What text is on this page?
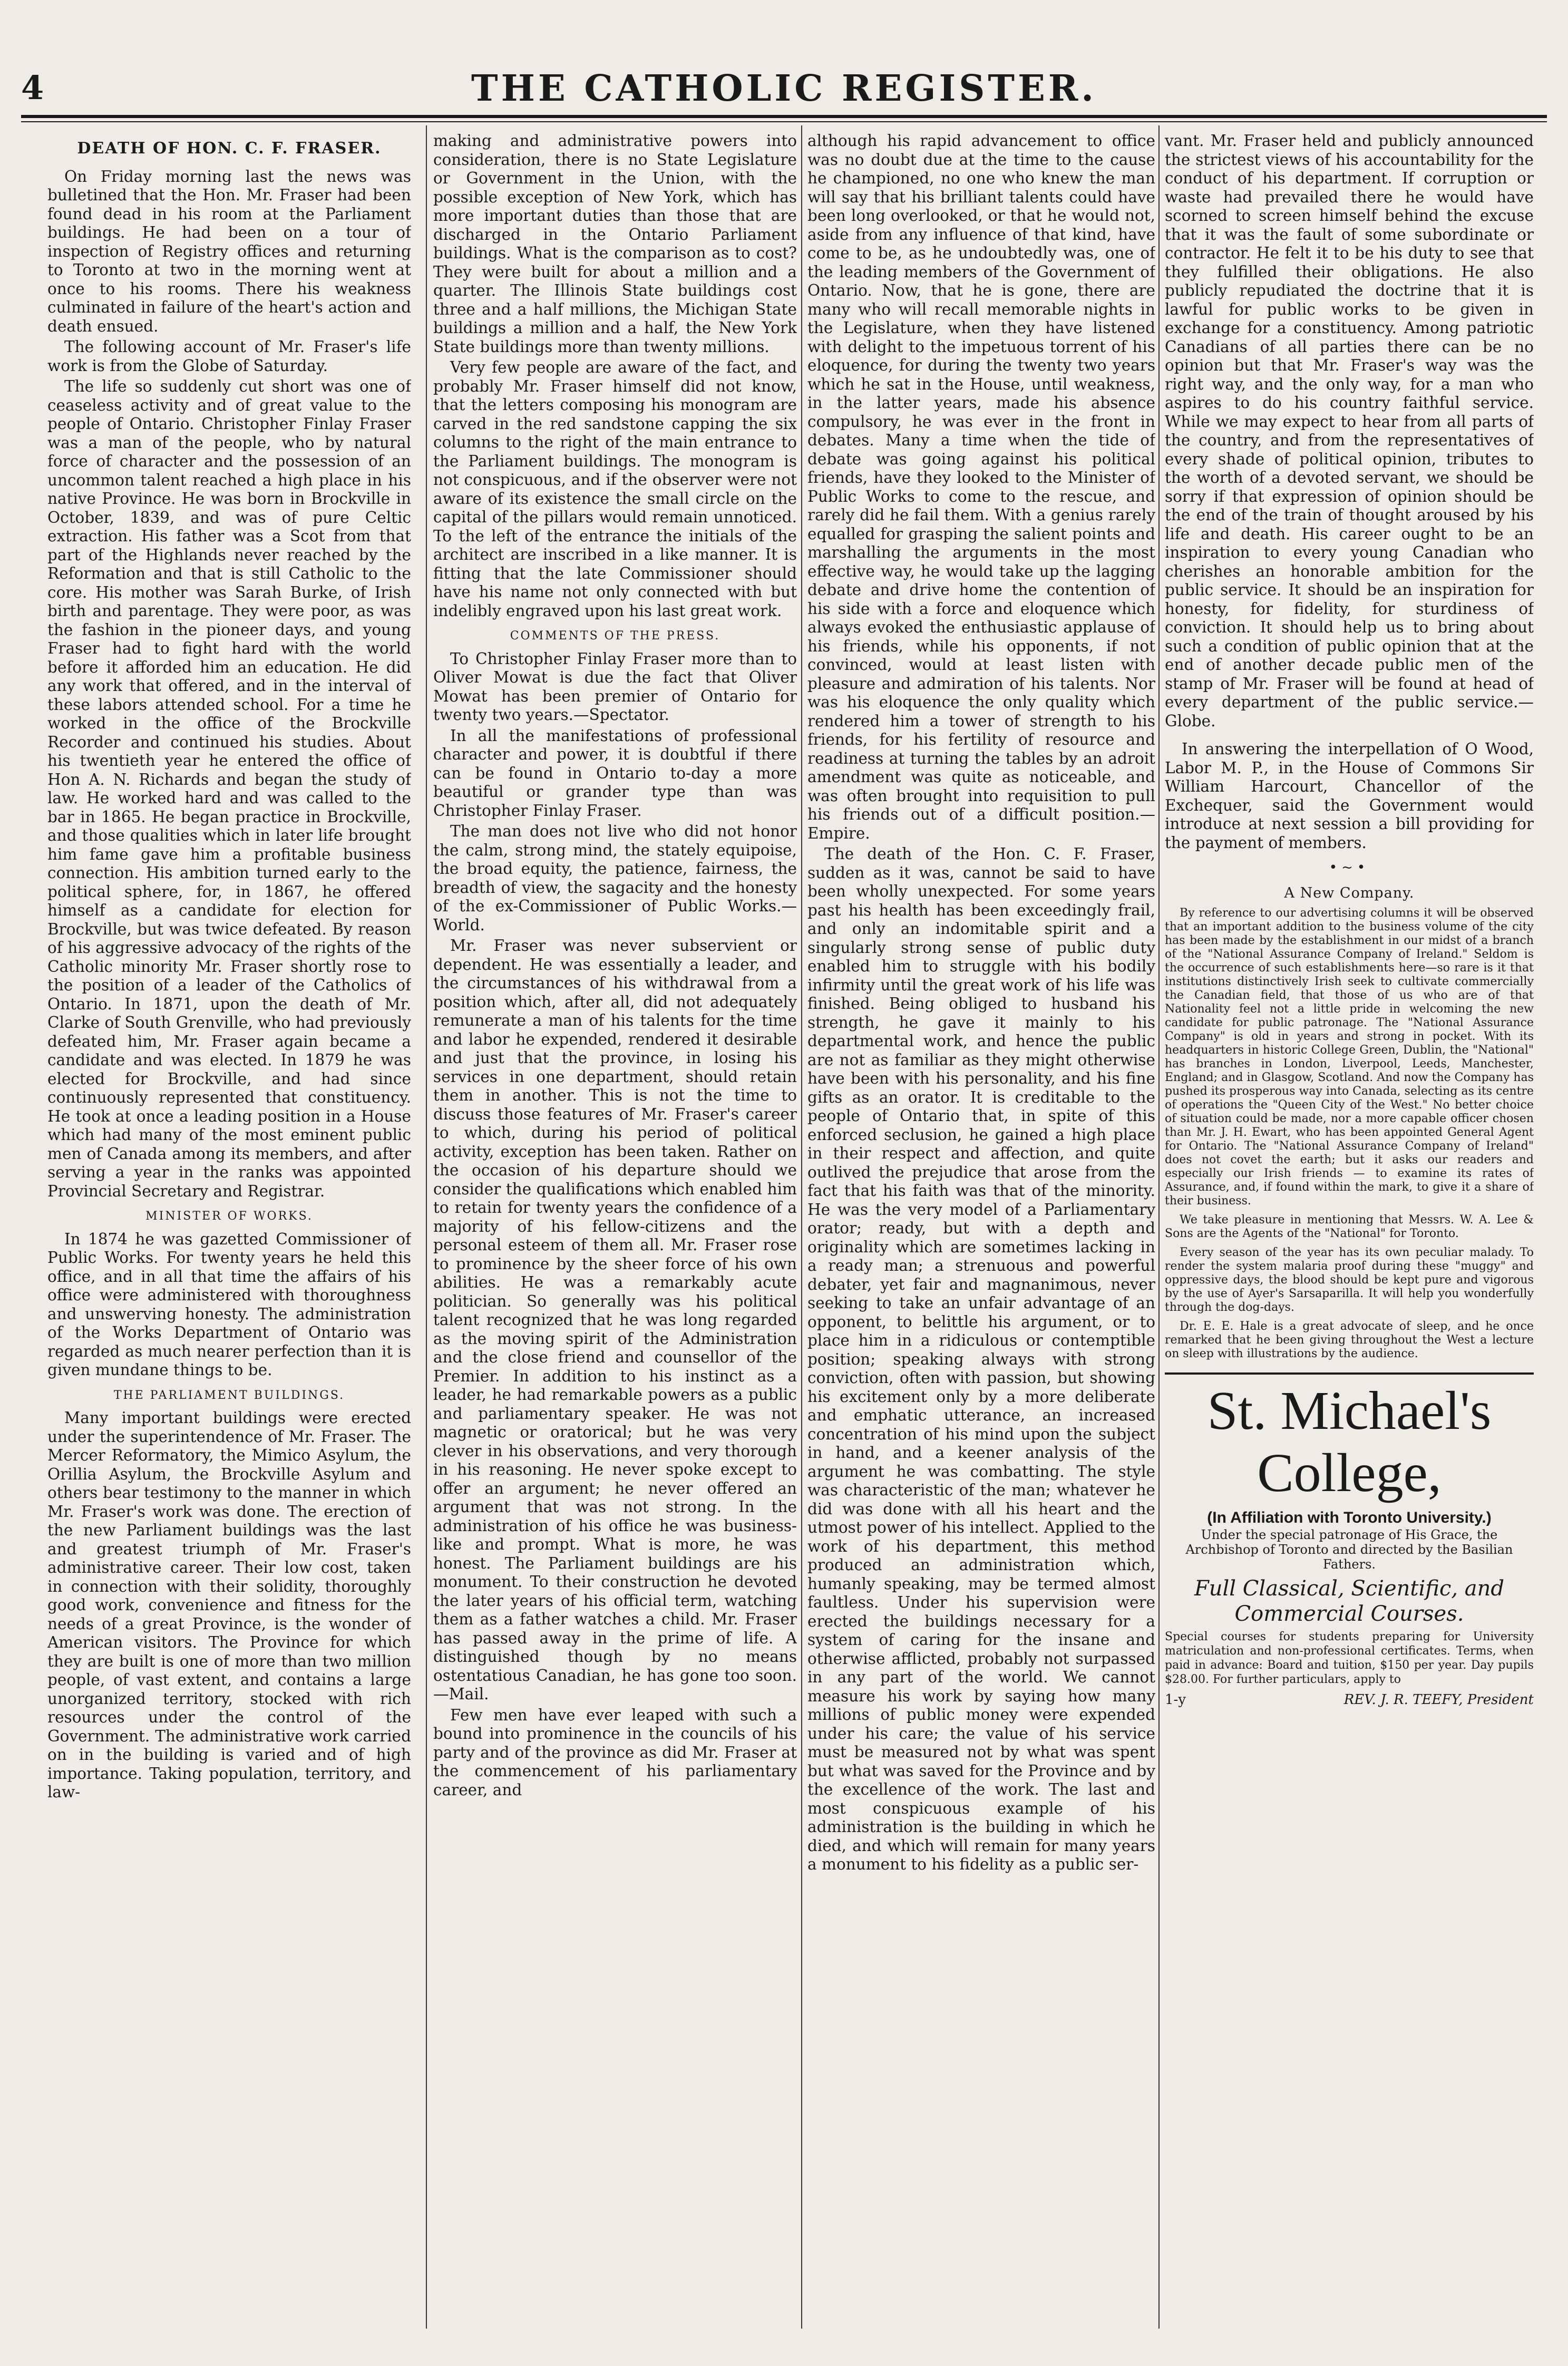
4	THE CATHOLIC REGISTER.
DEATH OF HON. C. F. FRASER.

On Friday morning last the news was bulletined that the Hon. Mr. Fraser had been found dead in his room at the Parliament buildings. He had been on a tour of inspection of Registry offices and returning to Toronto at two in the morning went at once to his rooms. There his weakness culminated in failure of the heart's action and death ensued.

The following account of Mr. Fraser's life work is from the Globe of Saturday.

The life so suddenly cut short was one of ceaseless activity and of great value to the people of Ontario. Christopher Finlay Fraser was a man of the people, who by natural force of character and the possession of an uncommon talent reached a high place in his native Province. He was born in Brockville in October, 1839, and was of pure Celtic extraction. His father was a Scot from that part of the Highlands never reached by the Reformation and that is still Catholic to the core. His mother was Sarah Burke, of Irish birth and parentage. They were poor, as was the fashion in the pioneer days, and young Fraser had to fight hard with the world before it afforded him an education. He did any work that offered, and in the interval of these labors attended school. For a time he worked in the office of the Brockville Recorder and continued his studies. About his twentieth year he entered the office of Hon A. N. Richards and began the study of law. He worked hard and was called to the bar in 1865. He began practice in Brockville, and those qualities which in later life brought him fame gave him a profitable business connection. His ambition turned early to the political sphere, for, in 1867, he offered himself as a candidate for election for Brockville, but was twice defeated. By reason of his aggressive advocacy of the rights of the Catholic minority Mr. Fraser shortly rose to the position of a leader of the Catholics of Ontario. In 1871, upon the death of Mr. Clarke of South Grenville, who had previously defeated him, Mr. Fraser again became a candidate and was elected. In 1879 he was elected for Brockville, and had since continuously represented that constituency. He took at once a leading position in a House which had many of the most eminent public men of Canada among its members, and after serving a year in the ranks was appointed Provincial Secretary and Registrar.

MINISTER OF WORKS.

In 1874 he was gazetted Commissioner of Public Works. For twenty years he held this office, and in all that time the affairs of his office were administered with thoroughness and unswerving honesty. The administration of the Works Department of Ontario was regarded as much nearer perfection than it is given mundane things to be.

THE PARLIAMENT BUILDINGS.

Many important buildings were erected under the superintendence of Mr. Fraser. The Mercer Reformatory, the Mimico Asylum, the Orillia Asylum, the Brockville Asylum and others bear testimony to the manner in which Mr. Fraser's work was done. The erection of the new Parliament buildings was the last and greatest triumph of Mr. Fraser's administrative career. Their low cost, taken in connection with their solidity, thoroughly good work, convenience and fitness for the needs of a great Province, is the wonder of American visitors. The Province for which they are built is one of more than two million people, of vast extent, and contains a large unorganized territory, stocked with rich resources under the control of the Government. The administrative work carried on in the building is varied and of high importance. Taking population, territory, and law-

making and administrative powers into consideration, there is no State Legislature or Government in the Union, with the possible exception of New York, which has more important duties than those that are discharged in the Ontario Parliament buildings. What is the comparison as to cost? They were built for about a million and a quarter. The Illinois State buildings cost three and a half millions, the Michigan State buildings a million and a half, the New York State buildings more than twenty millions.

Very few people are aware of the fact, and probably Mr. Fraser himself did not know, that the letters composing his monogram are carved in the red sandstone capping the six columns to the right of the main entrance to the Parliament buildings. The monogram is not conspicuous, and if the observer were not aware of its existence the small circle on the capital of the pillars would remain unnoticed. To the left of the entrance the initials of the architect are inscribed in a like manner. It is fitting that the late Commissioner should have his name not only connected with but indelibly engraved upon his last great work.

COMMENTS OF THE PRESS.

To Christopher Finlay Fraser more than to Oliver Mowat is due the fact that Oliver Mowat has been premier of Ontario for twenty two years.—Spectator.

In all the manifestations of professional character and power, it is doubtful if there can be found in Ontario to-day a more beautiful or grander type than was Christopher Finlay Fraser.

The man does not live who did not honor the calm, strong mind, the stately equipoise, the broad equity, the patience, fairness, the breadth of view, the sagacity and the honesty of the ex-Commissioner of Public Works.—World.

Mr. Fraser was never subservient or dependent. He was essentially a leader, and the circumstances of his withdrawal from a position which, after all, did not adequately remunerate a man of his talents for the time and labor he expended, rendered it desirable and just that the province, in losing his services in one department, should retain them in another. This is not the time to discuss those features of Mr. Fraser's career to which, during his period of political activity, exception has been taken. Rather on the occasion of his departure should we consider the qualifications which enabled him to retain for twenty years the confidence of a majority of his fellow-citizens and the personal esteem of them all. Mr. Fraser rose to prominence by the sheer force of his own abilities. He was a remarkably acute politician. So generally was his political talent recognized that he was long regarded as the moving spirit of the Administration and the close friend and counsellor of the Premier. In addition to his instinct as a leader, he had remarkable powers as a public and parliamentary speaker. He was not magnetic or oratorical; but he was very clever in his observations, and very thorough in his reasoning. He never spoke except to offer an argument; he never offered an argument that was not strong. In the administration of his office he was business-like and prompt. What is more, he was honest. The Parliament buildings are his monument. To their construction he devoted the later years of his official term, watching them as a father watches a child. Mr. Fraser has passed away in the prime of life. A distinguished though by no means ostentatious Canadian, he has gone too soon. —Mail.

Few men have ever leaped with such a bound into prominence in the councils of his party and of the province as did Mr. Fraser at the commencement of his parliamentary career, and

although his rapid advancement to office was no doubt due at the time to the cause he championed, no one who knew the man will say that his brilliant talents could have been long overlooked, or that he would not, aside from any influence of that kind, have come to be, as he undoubtedly was, one of the leading members of the Government of Ontario. Now, that he is gone, there are many who will recall memorable nights in the Legislature, when they have listened with delight to the impetuous torrent of his eloquence, for during the twenty two years which he sat in the House, until weakness, in the latter years, made his absence compulsory, he was ever in the front in debates. Many a time when the tide of debate was going against his political friends, have they looked to the Minister of Public Works to come to the rescue, and rarely did he fail them. With a genius rarely equalled for grasping the salient points and marshalling the arguments in the most effective way, he would take up the lagging debate and drive home the contention of his side with a force and eloquence which always evoked the enthusiastic applause of his friends, while his opponents, if not convinced, would at least listen with pleasure and admiration of his talents. Nor was his eloquence the only quality which rendered him a tower of strength to his friends, for his fertility of resource and readiness at turning the tables by an adroit amendment was quite as noticeable, and was often brought into requisition to pull his friends out of a difficult position.—Empire.

The death of the Hon. C. F. Fraser, sudden as it was, cannot be said to have been wholly unexpected. For some years past his health has been exceedingly frail, and only an indomitable spirit and a singularly strong sense of public duty enabled him to struggle with his bodily infirmity until the great work of his life was finished. Being obliged to husband his strength, he gave it mainly to his departmental work, and hence the public are not as familiar as they might otherwise have been with his personality, and his fine gifts as an orator. It is creditable to the people of Ontario that, in spite of this enforced seclusion, he gained a high place in their respect and affection, and quite outlived the prejudice that arose from the fact that his faith was that of the minority. He was the very model of a Parliamentary orator; ready, but with a depth and originality which are sometimes lacking in a ready man; a strenuous and powerful debater, yet fair and magnanimous, never seeking to take an unfair advantage of an opponent, to belittle his argument, or to place him in a ridiculous or contemptible position; speaking always with strong conviction, often with passion, but showing his excitement only by a more deliberate and emphatic utterance, an increased concentration of his mind upon the subject in hand, and a keener analysis of the argument he was combatting. The style was characteristic of the man; whatever he did was done with all his heart and the utmost power of his intellect. Applied to the work of his department, this method produced an administration which, humanly speaking, may be termed almost faultless. Under his supervision were erected the buildings necessary for a system of caring for the insane and otherwise afflicted, probably not surpassed in any part of the world. We cannot measure his work by saying how many millions of public money were expended under his care; the value of his service must be measured not by what was spent but what was saved for the Province and by the excellence of the work. The last and most conspicuous example of his administration is the building in which he died, and which will remain for many years a monument to his fidelity as a public ser-

vant. Mr. Fraser held and publicly announced the strictest views of his accountability for the conduct of his department. If corruption or waste had prevailed there he would have scorned to screen himself behind the excuse that it was the fault of some subordinate or contractor. He felt it to be his duty to see that they fulfilled their obligations. He also publicly repudiated the doctrine that it is lawful for public works to be given in exchange for a constituency. Among patriotic Canadians of all parties there can be no opinion but that Mr. Fraser's way was the right way, and the only way, for a man who aspires to do his country faithful service. While we may expect to hear from all parts of the country, and from the representatives of every shade of political opinion, tributes to the worth of a devoted servant, we should be sorry if that expression of opinion should be the end of the train of thought aroused by his life and death. His career ought to be an inspiration to every young Canadian who cherishes an honorable ambition for the public service. It should be an inspiration for honesty, for fidelity, for sturdiness of conviction. It should help us to bring about such a condition of public opinion that at the end of another decade public men of the stamp of Mr. Fraser will be found at head of every department of the public service.—Globe.

In answering the interpellation of O Wood, Labor M. P., in the House of Commons Sir William Harcourt, Chancellor of the Exchequer, said the Government would introduce at next session a bill providing for the payment of members.

•~•
A New Company.

By reference to our advertising columns it will be observed that an important addition to the business volume of the city has been made by the establishment in our midst of a branch of the "National Assurance Company of Ireland." Seldom is the occurrence of such establishments here—so rare is it that institutions distinctively Irish seek to cultivate commercially the Canadian field, that those of us who are of that Nationality feel not a little pride in welcoming the new candidate for public patronage. The "National Assurance Company" is old in years and strong in pocket. With its headquarters in historic College Green, Dublin, the "National" has branches in London, Liverpool, Leeds, Manchester, England; and in Glasgow, Scotland. And now the Company has pushed its prosperous way into Canada, selecting as its centre of operations the "Queen City of the West." No better choice of situation could be made, nor a more capable officer chosen than Mr. J. H. Ewart, who has been appointed General Agent for Ontario. The "National Assurance Company of Ireland" does not covet the earth; but it asks our readers and especially our Irish friends — to examine its rates of Assurance, and, if found within the mark, to give it a share of their business.

We take pleasure in mentioning that Messrs. W. A. Lee & Sons are the Agents of the "National" for Toronto.

Every season of the year has its own peculiar malady. To render the system malaria proof during these "muggy" and oppressive days, the blood should be kept pure and vigorous by the use of Ayer's Sarsaparilla. It will help you wonderfully through the dog-days.

Dr. E. E. Hale is a great advocate of sleep, and he once remarked that he been giving throughout the West a lecture on sleep with illustrations by the audience.

St. Michael's
College,
(In Affiliation with Toronto University.)
Under the special patronage of His Grace, the Archbishop of Toronto and directed by the Basilian Fathers.
Full Classical, Scientific, and
Commercial Courses.
Special courses for students preparing for University matriculation and non-professional certificates. Terms, when paid in advance: Board and tuition, $150 per year. Day pupils $28.00. For further particulars, apply to
1-y	REV. J. R. TEEFY, President
